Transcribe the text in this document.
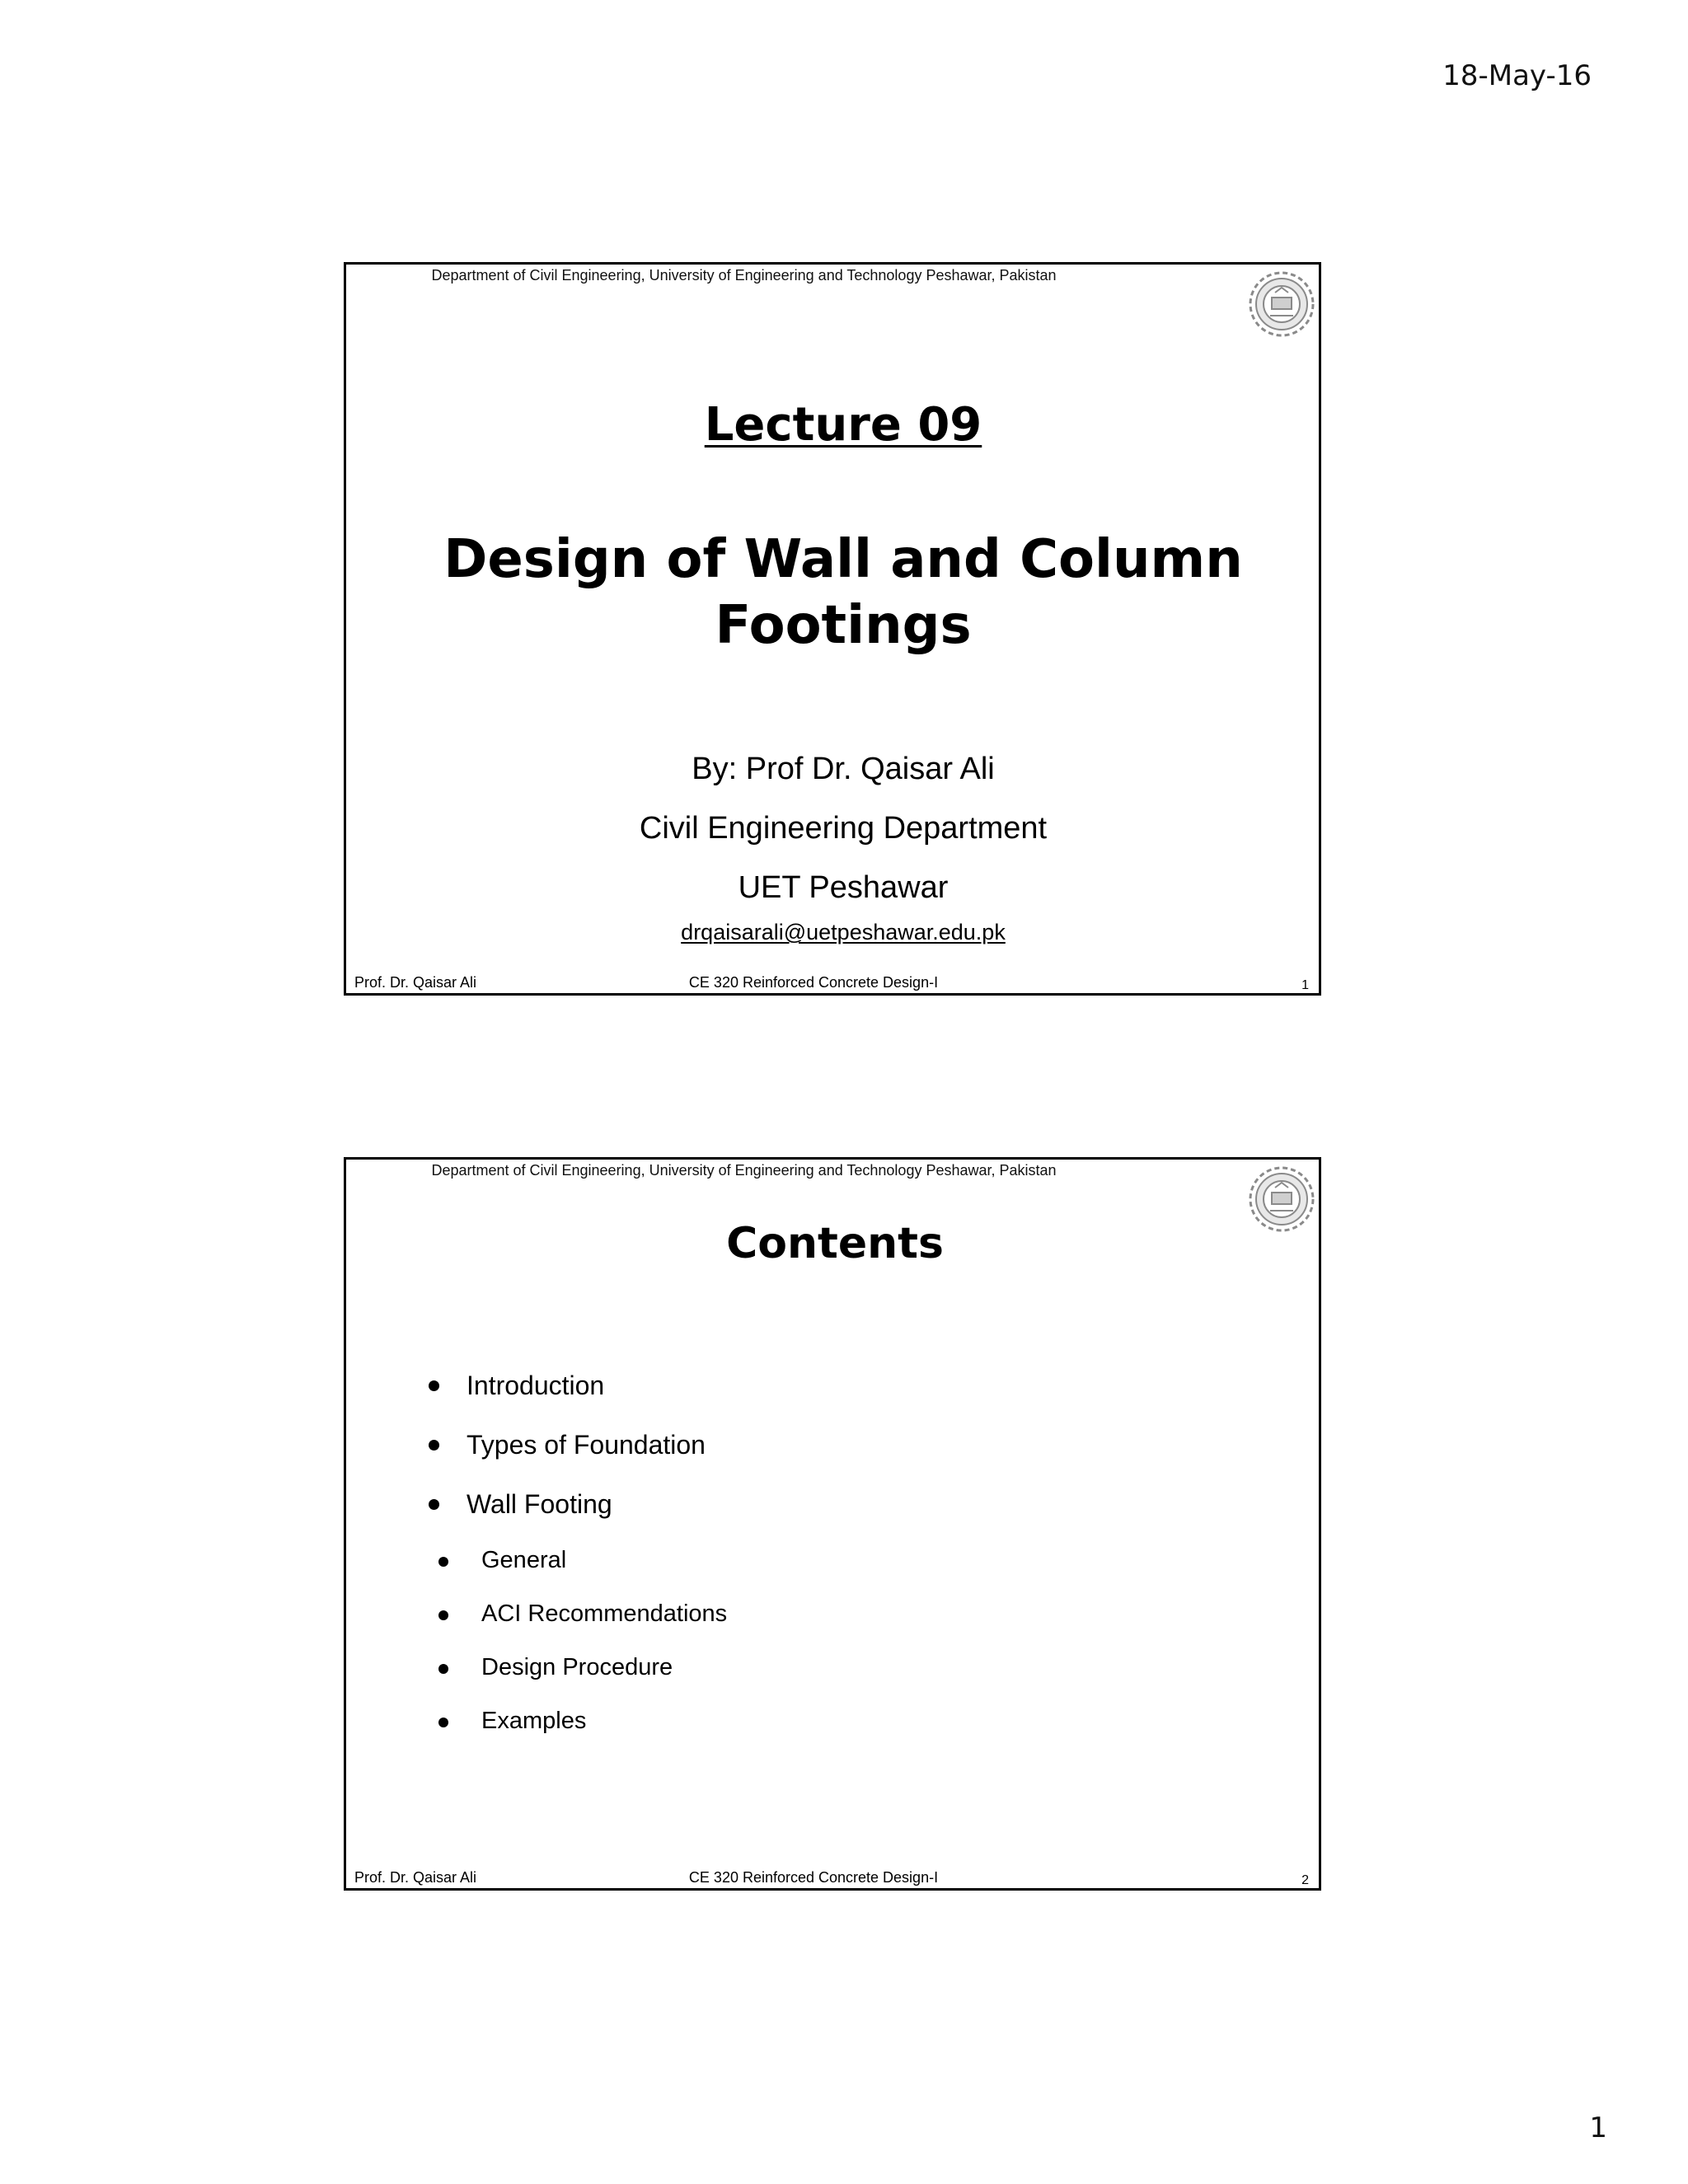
18-May-16
Department of Civil Engineering, University of Engineering and Technology Peshawar, Pakistan
Lecture 09
Design of Wall and Column
Footings
By: Prof Dr. Qaisar Ali
Civil Engineering Department
UET Peshawar
drqaisarali@uetpeshawar.edu.pk
Prof. Dr. Qaisar Ali	CE 320 Reinforced Concrete Design-I	1
Department of Civil Engineering, University of Engineering and Technology Peshawar, Pakistan
Contents
Introduction
Types of Foundation
Wall Footing
General
ACI Recommendations
Design Procedure
Examples
Prof. Dr. Qaisar Ali	CE 320 Reinforced Concrete Design-I	2
1
